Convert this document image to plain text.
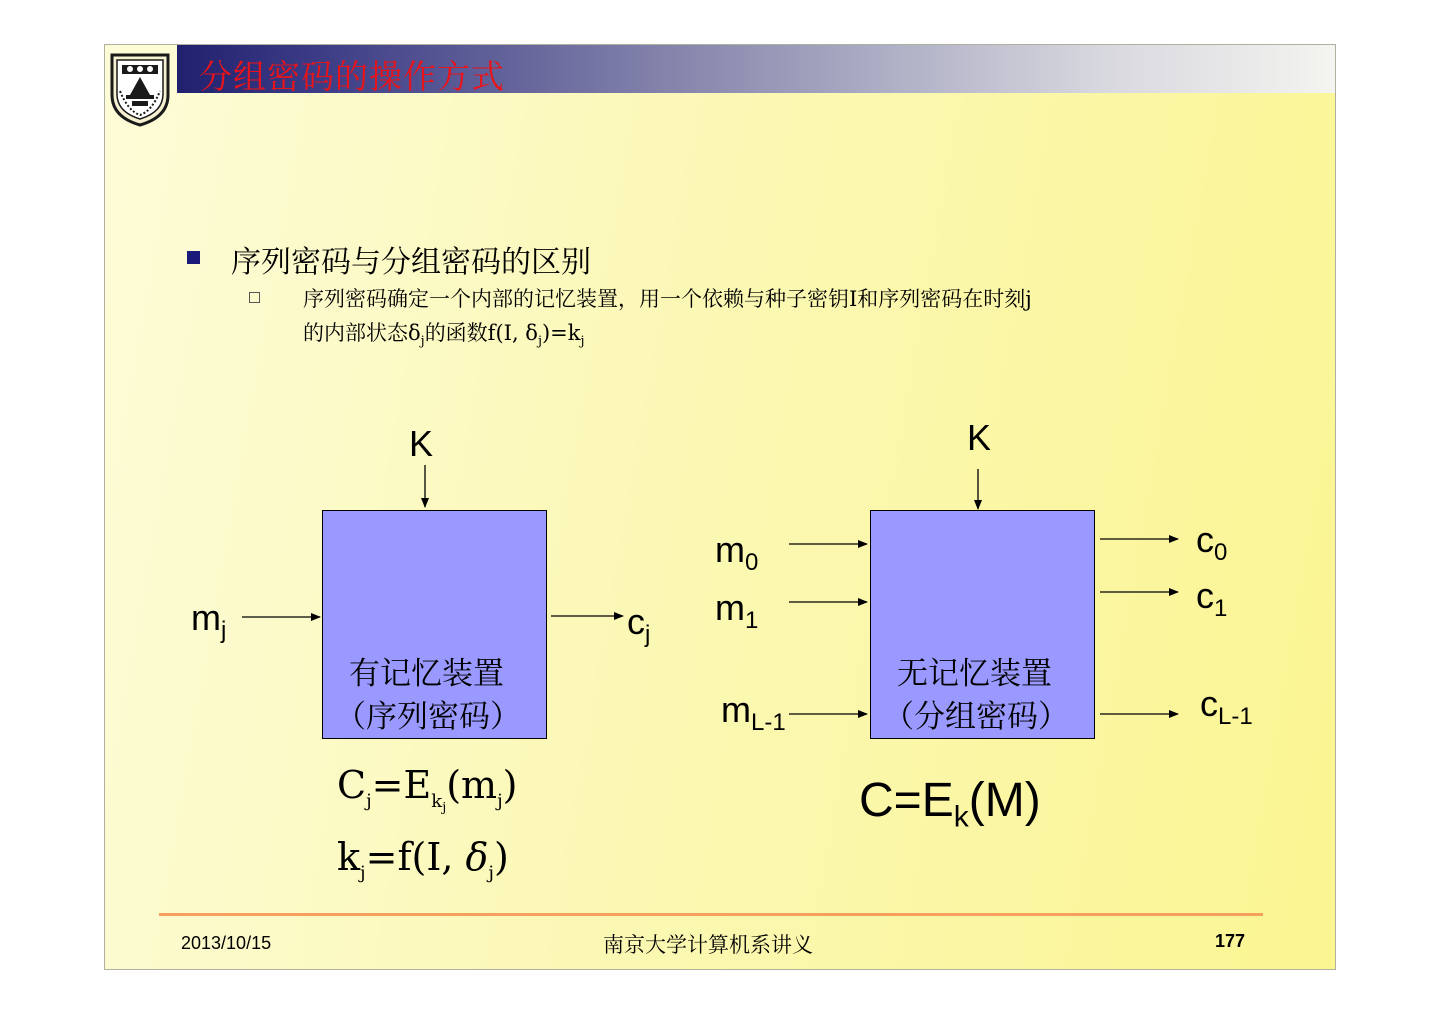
分组密码的操作方式
序列密码与分组密码的区别
序列密码确定一个内部的记忆装置，用一个依赖与种子密钥I和序列密码在时刻j
的内部状态$\delta_j$的函数f(I, $\delta_j)=k_j$
K
有记忆装置
（序列密码）
$m_j$	$c_j$
$C_j=E_{k_j}(m_j)$
$k_j=f(I$, $\delta_j$)
K
无记忆装置
（分组密码）
$m_0$
$m_1$
$m_{L-1}$
$c_0$
$c_1$
$c_{L-1}$
$C=E_k(M)$
2013/10/15	南京大学计算机系讲义	177
